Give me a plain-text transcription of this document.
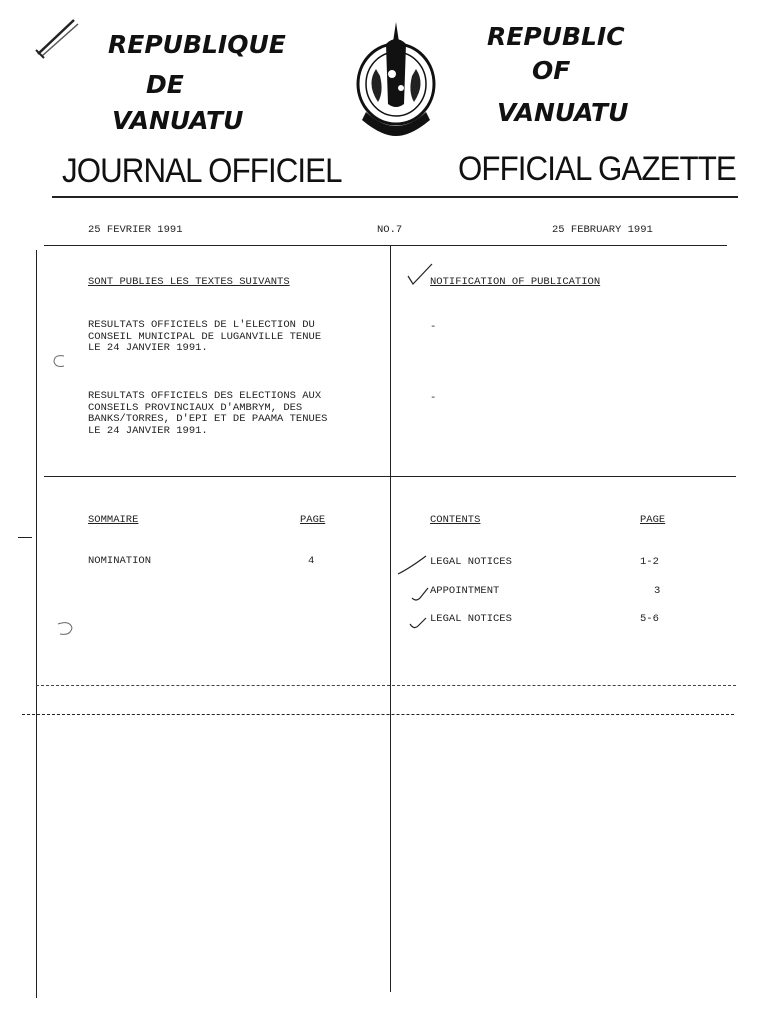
REPUBLIQUE
DE
VANUATU
REPUBLIC
OF
VANUATU
JOURNAL OFFICIEL	OFFICIAL GAZETTE
25 FEVRIER 1991	NO.7	25 FEBRUARY 1991
SONT PUBLIES LES TEXTES SUIVANTS	NOTIFICATION OF PUBLICATION
RESULTATS OFFICIELS DE L'ELECTION DU
CONSEIL MUNICIPAL DE LUGANVILLE TENUE
LE 24 JANVIER 1991.
-
RESULTATS OFFICIELS DES ELECTIONS AUX
CONSEILS PROVINCIAUX D'AMBRYM, DES
BANKS/TORRES, D'EPI ET DE PAAMA TENUES
LE 24 JANVIER 1991.
-
SOMMAIRE	PAGE
NOMINATION	4
CONTENTS	PAGE
LEGAL NOTICES	1-2
APPOINTMENT	3
LEGAL NOTICES	5-6
